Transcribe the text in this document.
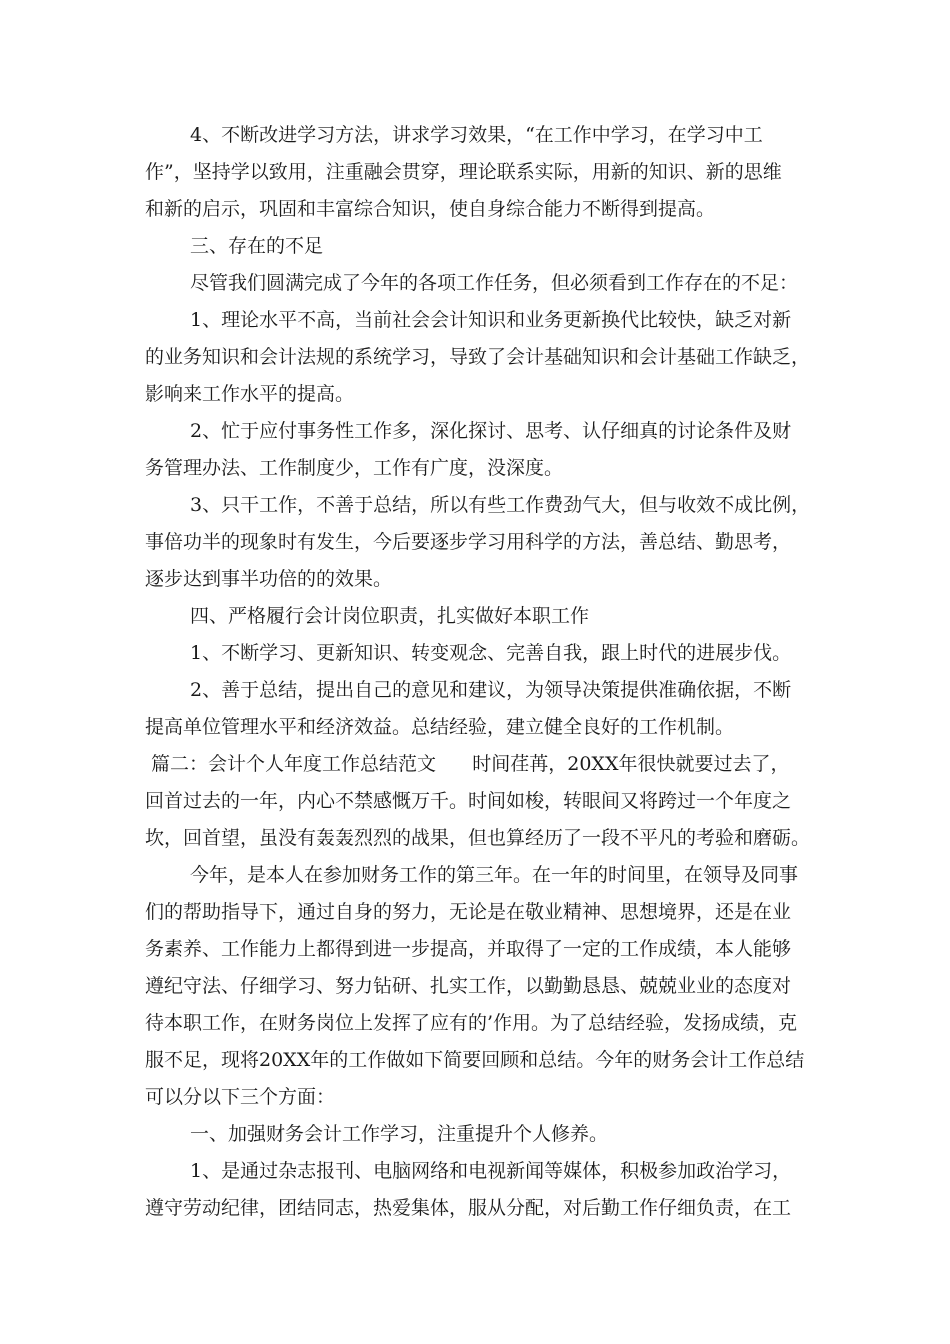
4、不断改进学习方法，讲求学习效果，“在工作中学习，在学习中工
作”，坚持学以致用，注重融会贯穿，理论联系实际，用新的知识、新的思维
和新的启示，巩固和丰富综合知识，使自身综合能力不断得到提高。
三、存在的不足
尽管我们圆满完成了今年的各项工作任务，但必须看到工作存在的不足：
1、理论水平不高，当前社会会计知识和业务更新换代比较快，缺乏对新
的业务知识和会计法规的系统学习，导致了会计基础知识和会计基础工作缺乏，
影响来工作水平的提高。
2、忙于应付事务性工作多，深化探讨、思考、认仔细真的讨论条件及财
务管理办法、工作制度少，工作有广度，没深度。
3、只干工作，不善于总结，所以有些工作费劲气大，但与收效不成比例，
事倍功半的现象时有发生，今后要逐步学习用科学的方法，善总结、勤思考，
逐步达到事半功倍的的效果。
四、严格履行会计岗位职责，扎实做好本职工作
1、不断学习、更新知识、转变观念、完善自我，跟上时代的进展步伐。
2、善于总结，提出自己的意见和建议，为领导决策提供准确依据，不断
提高单位管理水平和经济效益。总结经验，建立健全良好的工作机制。
篇二：会计个人年度工作总结范文      时间荏苒，20XX年很快就要过去了，
回首过去的一年，内心不禁感慨万千。时间如梭，转眼间又将跨过一个年度之
坎，回首望，虽没有轰轰烈烈的战果，但也算经历了一段不平凡的考验和磨砺。
今年，是本人在参加财务工作的第三年。在一年的时间里，在领导及同事
们的帮助指导下，通过自身的努力，无论是在敬业精神、思想境界，还是在业
务素养、工作能力上都得到进一步提高，并取得了一定的工作成绩，本人能够
遵纪守法、仔细学习、努力钻研、扎实工作，以勤勤恳恳、兢兢业业的态度对
待本职工作，在财务岗位上发挥了应有的’作用。为了总结经验，发扬成绩，克
服不足，现将20XX年的工作做如下简要回顾和总结。今年的财务会计工作总结
可以分以下三个方面：
一、加强财务会计工作学习，注重提升个人修养。
1、是通过杂志报刊、电脑网络和电视新闻等媒体，积极参加政治学习，
遵守劳动纪律，团结同志，热爱集体，服从分配，对后勤工作仔细负责，在工
